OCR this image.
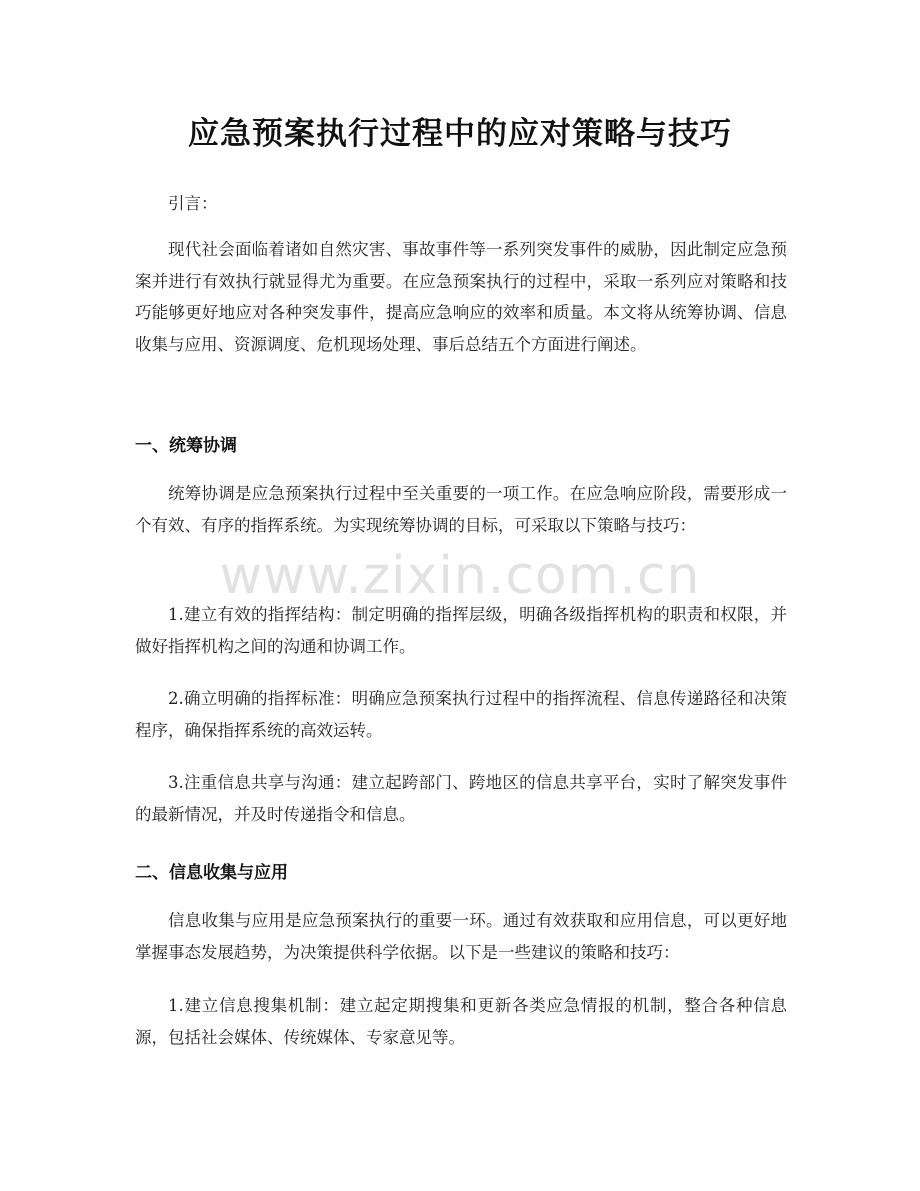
应急预案执行过程中的应对策略与技巧

引言：

现代社会面临着诸如自然灾害、事故事件等一系列突发事件的威胁，因此制定应急预案并进行有效执行就显得尤为重要。在应急预案执行的过程中，采取一系列应对策略和技巧能够更好地应对各种突发事件，提高应急响应的效率和质量。本文将从统筹协调、信息收集与应用、资源调度、危机现场处理、事后总结五个方面进行阐述。

一、统筹协调

统筹协调是应急预案执行过程中至关重要的一项工作。在应急响应阶段，需要形成一个有效、有序的指挥系统。为实现统筹协调的目标，可采取以下策略与技巧：

1.建立有效的指挥结构：制定明确的指挥层级，明确各级指挥机构的职责和权限，并做好指挥机构之间的沟通和协调工作。

2.确立明确的指挥标准：明确应急预案执行过程中的指挥流程、信息传递路径和决策程序，确保指挥系统的高效运转。

3.注重信息共享与沟通：建立起跨部门、跨地区的信息共享平台，实时了解突发事件的最新情况，并及时传递指令和信息。

二、信息收集与应用

信息收集与应用是应急预案执行的重要一环。通过有效获取和应用信息，可以更好地掌握事态发展趋势，为决策提供科学依据。以下是一些建议的策略和技巧：

1.建立信息搜集机制：建立起定期搜集和更新各类应急情报的机制，整合各种信息源，包括社会媒体、传统媒体、专家意见等。

www.zixin.com.cn
